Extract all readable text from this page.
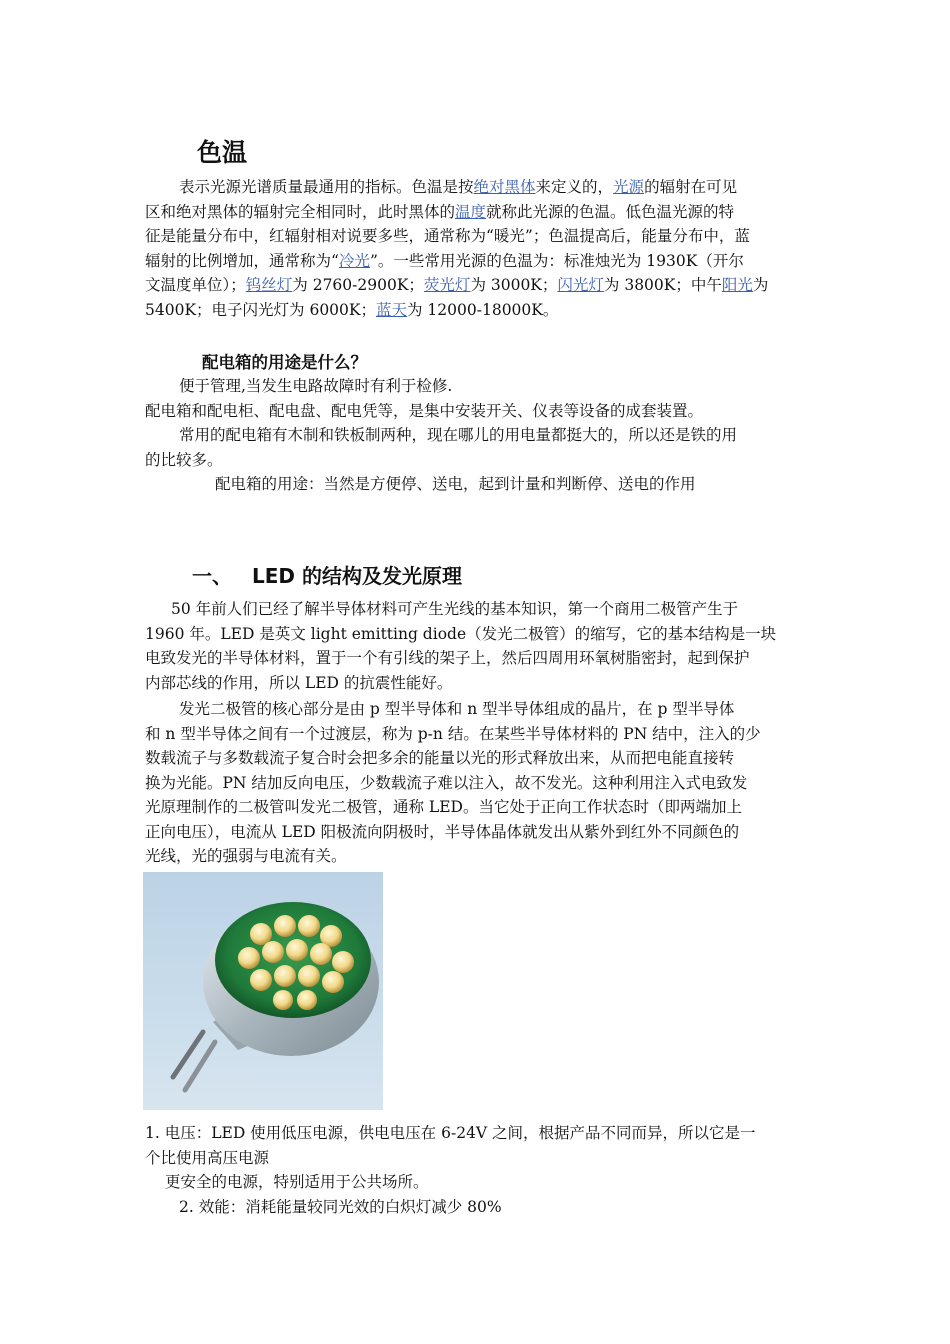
色温
表示光源光谱质量最通用的指标。色温是按绝对黑体来定义的，光源的辐射在可见
区和绝对黑体的辐射完全相同时，此时黑体的温度就称此光源的色温。低色温光源的特
征是能量分布中，红辐射相对说要多些，通常称为“暖光”；色温提高后，能量分布中，蓝
辐射的比例增加，通常称为“冷光”。一些常用光源的色温为：标准烛光为 1930K（开尔
文温度单位）；钨丝灯为 2760-2900K；荧光灯为 3000K；闪光灯为 3800K；中午阳光为
5400K；电子闪光灯为 6000K；蓝天为 12000-18000K。
配电箱的用途是什么？
便于管理,当发生电路故障时有利于检修.
配电箱和配电柜、配电盘、配电凭等，是集中安装开关、仪表等设备的成套装置。
常用的配电箱有木制和铁板制两种，现在哪儿的用电量都挺大的，所以还是铁的用
的比较多。
配电箱的用途：当然是方便停、送电，起到计量和判断停、送电的作用
一、 LED 的结构及发光原理
50 年前人们已经了解半导体材料可产生光线的基本知识，第一个商用二极管产生于
1960 年。LED 是英文 light emitting diode（发光二极管）的缩写，它的基本结构是一块
电致发光的半导体材料，置于一个有引线的架子上，然后四周用环氧树脂密封，起到保护
内部芯线的作用，所以 LED 的抗震性能好。
发光二极管的核心部分是由 p 型半导体和 n 型半导体组成的晶片，在 p 型半导体
和 n 型半导体之间有一个过渡层，称为 p-n 结。在某些半导体材料的 PN 结中，注入的少
数载流子与多数载流子复合时会把多余的能量以光的形式释放出来，从而把电能直接转
换为光能。PN 结加反向电压，少数载流子难以注入，故不发光。这种利用注入式电致发
光原理制作的二极管叫发光二极管，通称 LED。当它处于正向工作状态时（即两端加上
正向电压），电流从 LED 阳极流向阴极时，半导体晶体就发出从紫外到红外不同颜色的
光线，光的强弱与电流有关。
1. 电压：LED 使用低压电源，供电电压在 6-24V 之间，根据产品不同而异，所以它是一
个比使用高压电源
更安全的电源，特别适用于公共场所。
2. 效能：消耗能量较同光效的白炽灯减少 80%
